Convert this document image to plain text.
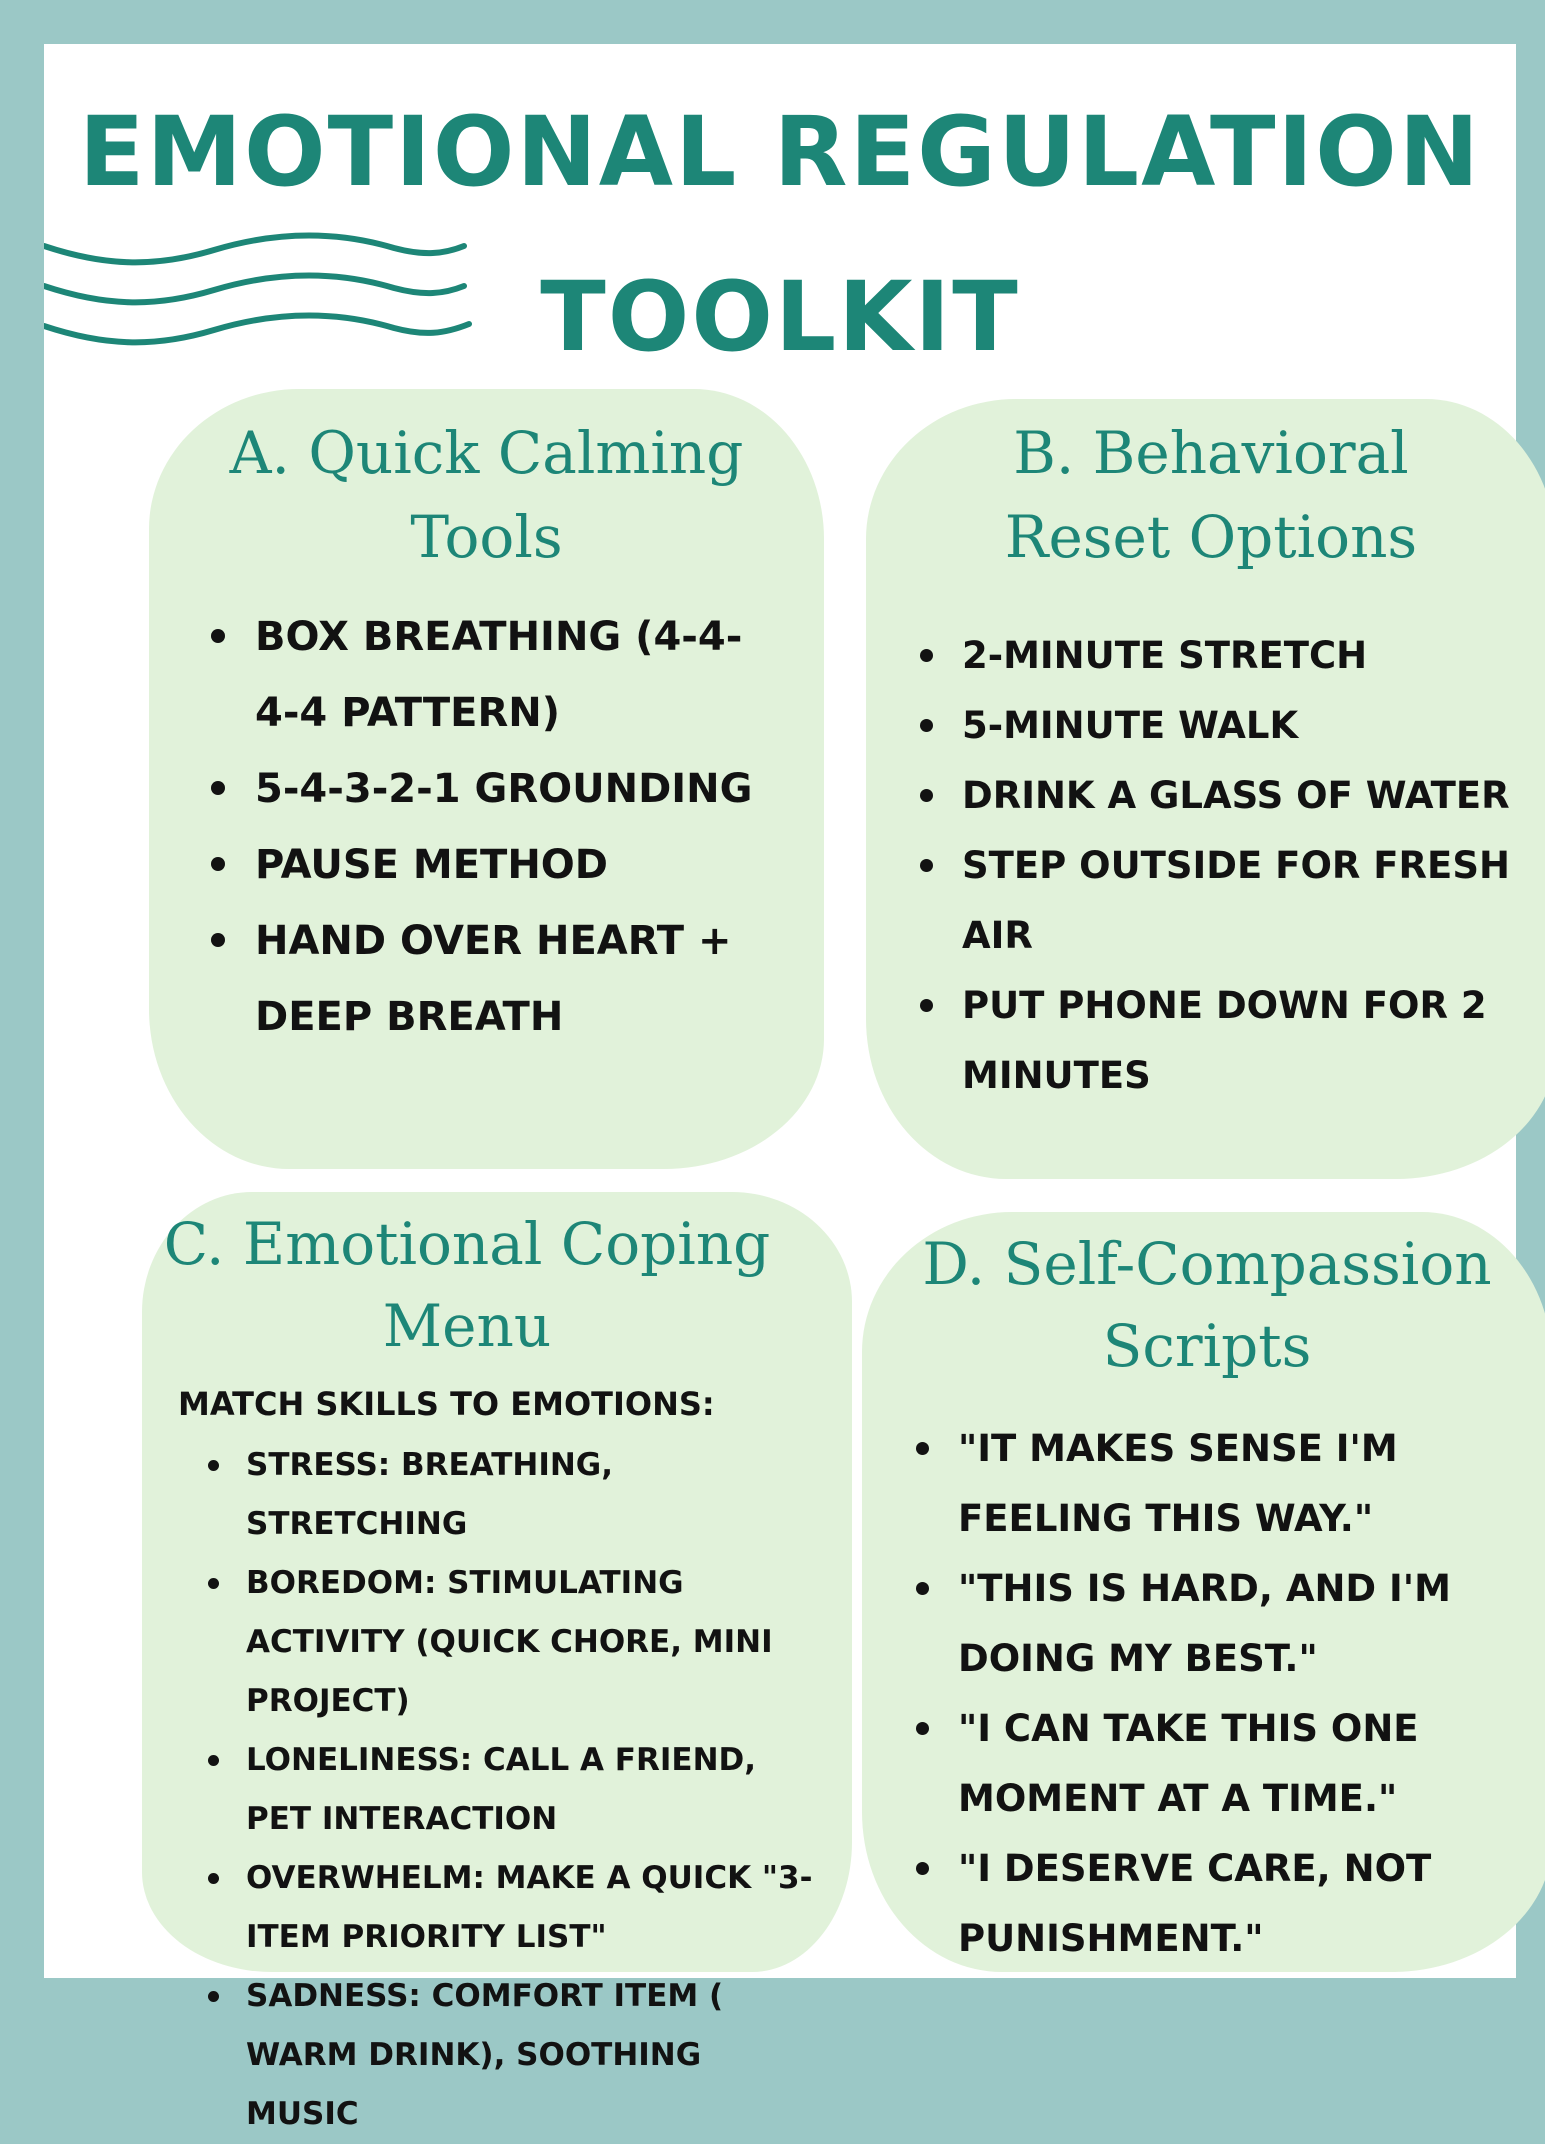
EMOTIONAL REGULATION
TOOLKIT
A. Quick Calming
Tools
BOX BREATHING (4-4-4-4 PATTERN)
5-4-3-2-1 GROUNDING
PAUSE METHOD
HAND OVER HEART + DEEP BREATH
B. Behavioral
Reset Options
2-MINUTE STRETCH
5-MINUTE WALK
DRINK A GLASS OF WATER
STEP OUTSIDE FOR FRESH AIR
PUT PHONE DOWN FOR 2 MINUTES
C. Emotional Coping
Menu

MATCH SKILLS TO EMOTIONS:

STRESS: BREATHING, STRETCHING
BOREDOM: STIMULATING ACTIVITY (QUICK CHORE, MINI PROJECT)
LONELINESS: CALL A FRIEND, PET INTERACTION
OVERWHELM: MAKE A QUICK "3-ITEM PRIORITY LIST"
SADNESS: COMFORT ITEM ( WARM DRINK), SOOTHING MUSIC
D. Self-Compassion
Scripts
"IT MAKES SENSE I'M FEELING THIS WAY."
"THIS IS HARD, AND I'M DOING MY BEST."
"I CAN TAKE THIS ONE MOMENT AT A TIME."
"I DESERVE CARE, NOT PUNISHMENT."
